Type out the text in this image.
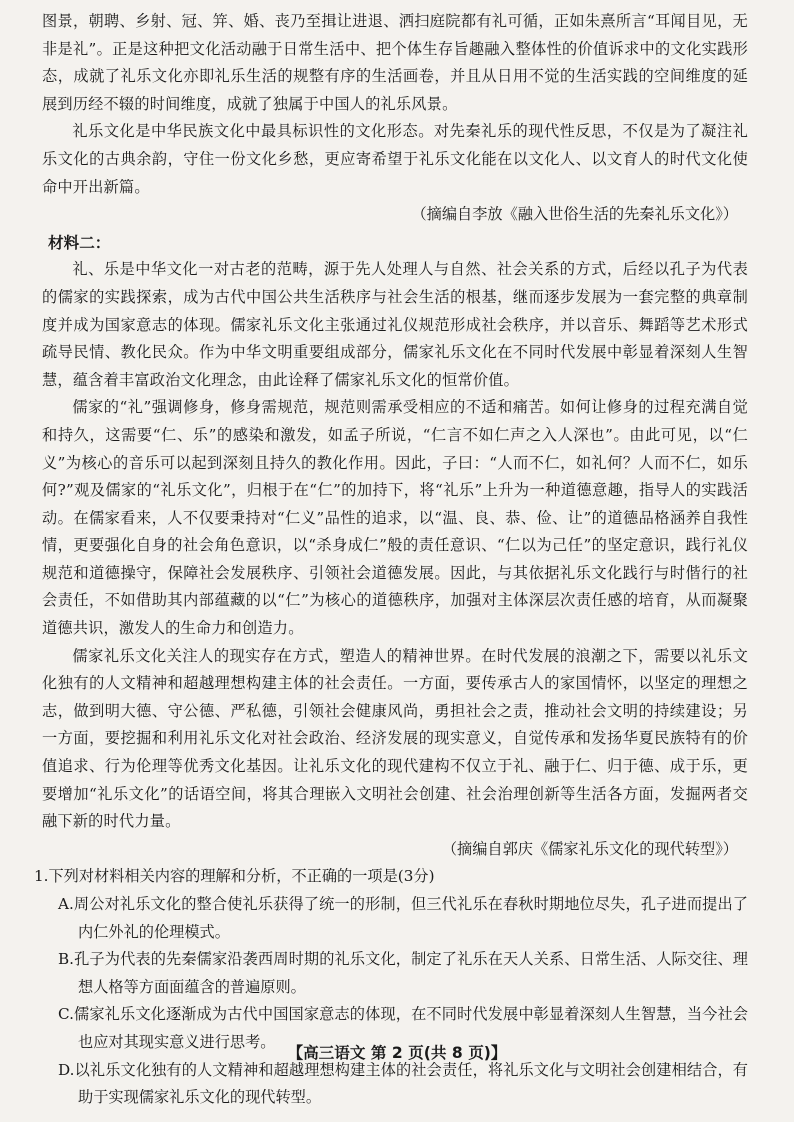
图景，朝聘、乡射、冠、笄、婚、丧乃至揖让进退、洒扫庭院都有礼可循，正如朱熹所言“耳闻目见，无非是礼”。正是这种把文化活动融于日常生活中、把个体生存旨趣融入整体性的价值诉求中的文化实践形态，成就了礼乐文化亦即礼乐生活的规整有序的生活画卷，并且从日用不觉的生活实践的空间维度的延展到历经不辍的时间维度，成就了独属于中国人的礼乐风景。

礼乐文化是中华民族文化中最具标识性的文化形态。对先秦礼乐的现代性反思，不仅是为了凝注礼乐文化的古典余韵，守住一份文化乡愁，更应寄希望于礼乐文化能在以文化人、以文育人的时代文化使命中开出新篇。

（摘编自李放《融入世俗生活的先秦礼乐文化》）

材料二：

礼、乐是中华文化一对古老的范畴，源于先人处理人与自然、社会关系的方式，后经以孔子为代表的儒家的实践探索，成为古代中国公共生活秩序与社会生活的根基，继而逐步发展为一套完整的典章制度并成为国家意志的体现。儒家礼乐文化主张通过礼仪规范形成社会秩序，并以音乐、舞蹈等艺术形式疏导民情、教化民众。作为中华文明重要组成部分，儒家礼乐文化在不同时代发展中彰显着深刻人生智慧，蕴含着丰富政治文化理念，由此诠释了儒家礼乐文化的恒常价值。

儒家的“礼”强调修身，修身需规范，规范则需承受相应的不适和痛苦。如何让修身的过程充满自觉和持久，这需要“仁、乐”的感染和激发，如孟子所说，“仁言不如仁声之入人深也”。由此可见，以“仁义”为核心的音乐可以起到深刻且持久的教化作用。因此，子曰：“人而不仁，如礼何？人而不仁，如乐何?”观及儒家的“礼乐文化”，归根于在“仁”的加持下，将“礼乐”上升为一种道德意趣，指导人的实践活动。在儒家看来，人不仅要秉持对“仁义”品性的追求，以“温、良、恭、俭、让”的道德品格涵养自我性情，更要强化自身的社会角色意识，以“杀身成仁”般的责任意识、“仁以为己任”的坚定意识，践行礼仪规范和道德操守，保障社会发展秩序、引领社会道德发展。因此，与其依据礼乐文化践行与时偕行的社会责任，不如借助其内部蕴藏的以“仁”为核心的道德秩序，加强对主体深层次责任感的培育，从而凝聚道德共识，激发人的生命力和创造力。

儒家礼乐文化关注人的现实存在方式，塑造人的精神世界。在时代发展的浪潮之下，需要以礼乐文化独有的人文精神和超越理想构建主体的社会责任。一方面，要传承古人的家国情怀，以坚定的理想之志，做到明大德、守公德、严私德，引领社会健康风尚，勇担社会之责，推动社会文明的持续建设；另一方面，要挖掘和利用礼乐文化对社会政治、经济发展的现实意义，自觉传承和发扬华夏民族特有的价值追求、行为伦理等优秀文化基因。让礼乐文化的现代建构不仅立于礼、融于仁、归于德、成于乐，更要增加“礼乐文化”的话语空间，将其合理嵌入文明社会创建、社会治理创新等生活各方面，发掘两者交融下新的时代力量。

（摘编自郭庆《儒家礼乐文化的现代转型》）

1.下列对材料相关内容的理解和分析，不正确的一项是(3分)

A.周公对礼乐文化的整合使礼乐获得了统一的形制，但三代礼乐在春秋时期地位尽失，孔子进而提出了内仁外礼的伦理模式。

B.孔子为代表的先秦儒家沿袭西周时期的礼乐文化，制定了礼乐在天人关系、日常生活、人际交往、理想人格等方面面蕴含的普遍原则。

C.儒家礼乐文化逐渐成为古代中国国家意志的体现，在不同时代发展中彰显着深刻人生智慧，当今社会也应对其现实意义进行思考。

D.以礼乐文化独有的人文精神和超越理想构建主体的社会责任，将礼乐文化与文明社会创建相结合，有助于实现儒家礼乐文化的现代转型。

【高三语文 第 2 页(共 8 页)】
